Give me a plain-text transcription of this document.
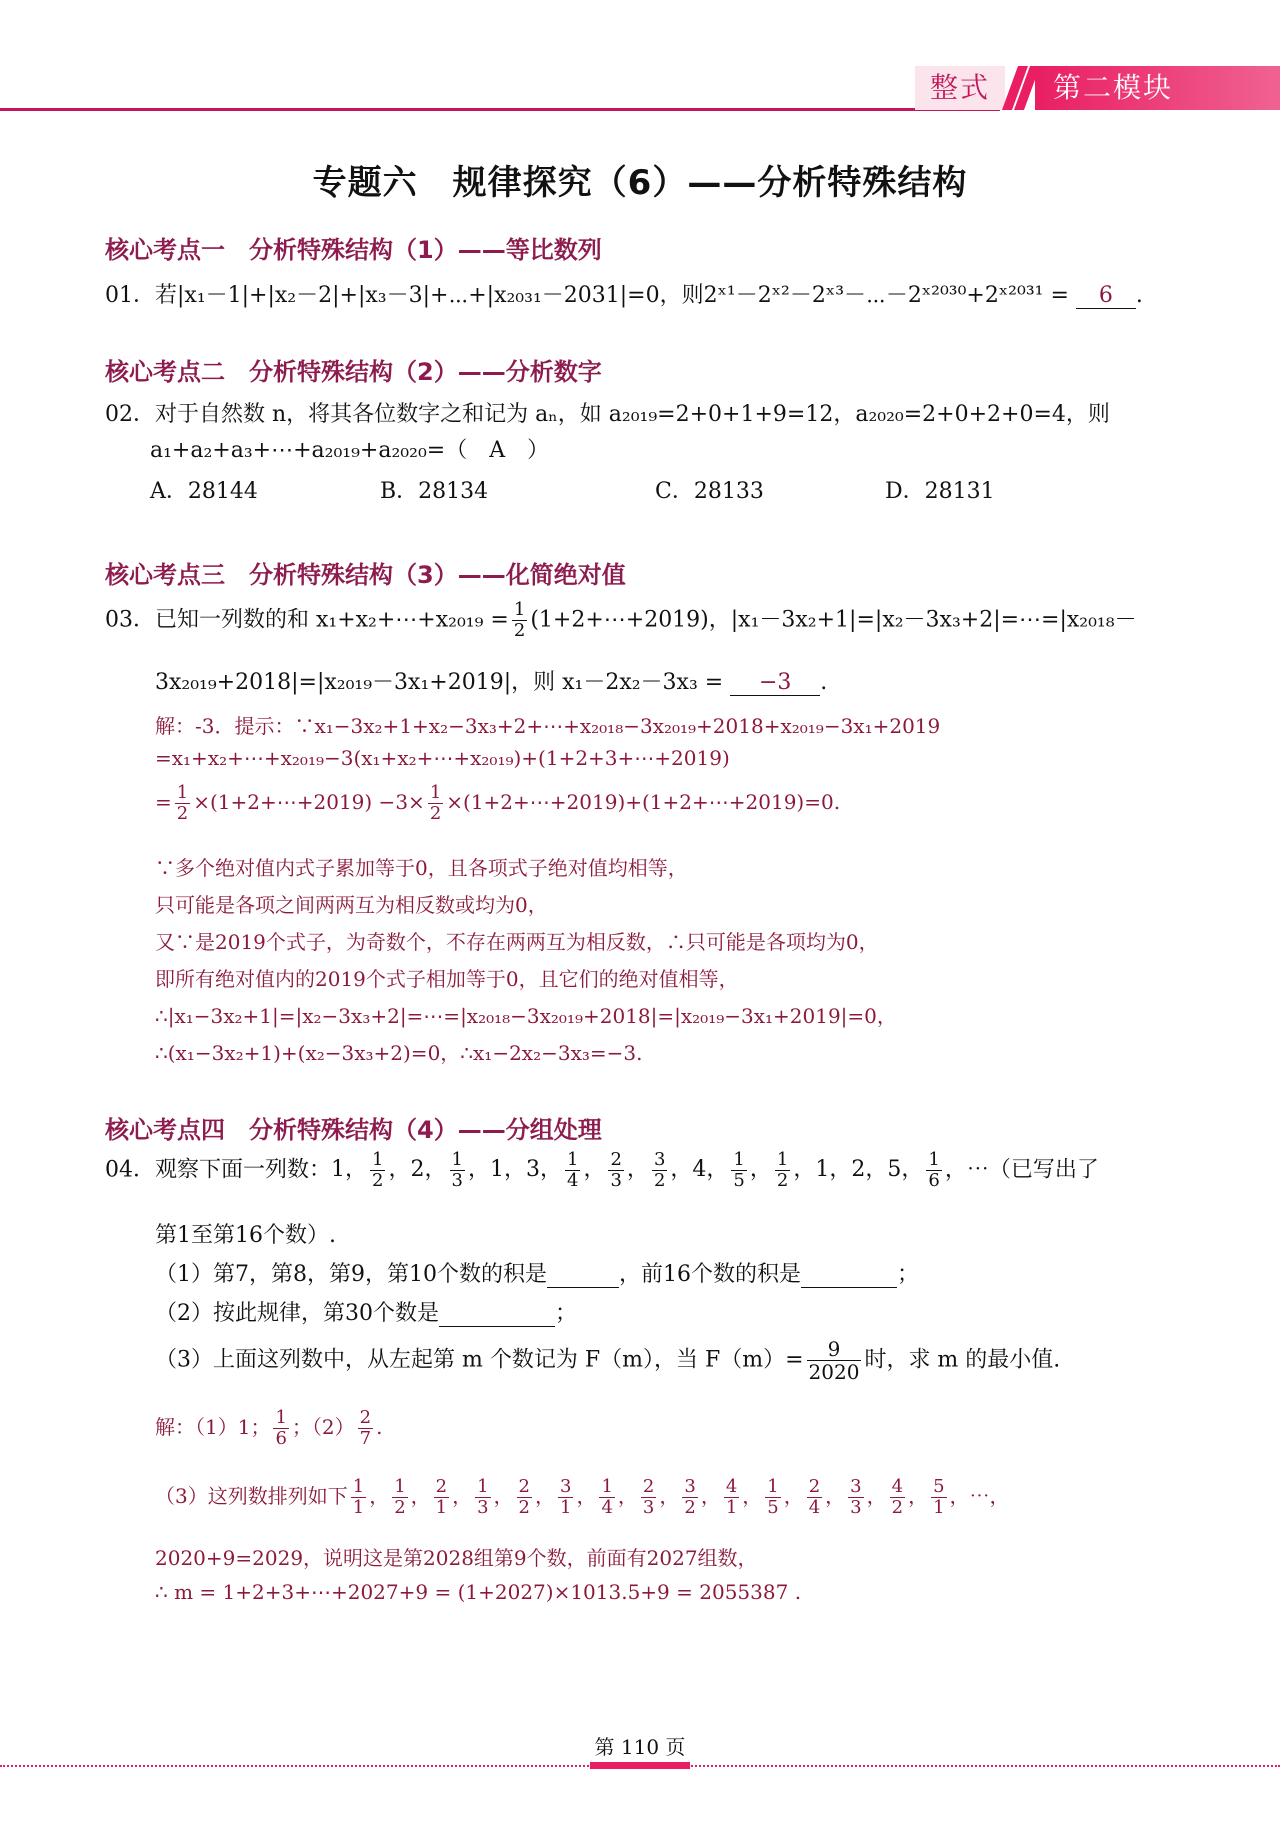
整式	第二模块
专题六　规律探究（6）——分析特殊结构
核心考点一　分析特殊结构（1）——等比数列
01．若|x₁－1|+|x₂－2|+|x₃－3|+⋯+|x₂₀₃₁－2031|=0，则2ˣ¹－2ˣ²－2ˣ³－⋯－2ˣ²⁰³⁰+2ˣ²⁰³¹ = 6 .
核心考点二　分析特殊结构（2）——分析数字
02．对于自然数 n，将其各位数字之和记为 aₙ，如 a₂₀₁₉=2+0+1+9=12，a₂₀₂₀=2+0+2+0=4，则
a₁+a₂+a₃+⋯+a₂₀₁₉+a₂₀₂₀=（　A　）
A．28144	B．28134	C．28133	D．28131
核心考点三　分析特殊结构（3）——化简绝对值
03．已知一列数的和 x₁+x₂+⋯+x₂₀₁₉ = $\frac{1}{2}$ (1+2+⋯+2019)，|x₁－3x₂+1|=|x₂－3x₃+2|=⋯=|x₂₀₁₈－
3x₂₀₁₉+2018|=|x₂₀₁₉－3x₁+2019|，则 x₁－2x₂－3x₃ = −3 .
解：-3．提示：∵x₁−3x₂+1+x₂−3x₃+2+⋯+x₂₀₁₈−3x₂₀₁₉+2018+x₂₀₁₉−3x₁+2019
=x₁+x₂+⋯+x₂₀₁₉−3(x₁+x₂+⋯+x₂₀₁₉)+(1+2+3+⋯+2019)
= $\frac{1}{2}$ ×(1+2+⋯+2019) $-3\times \frac{1}{2}$ ×(1+2+⋯+2019)+(1+2+⋯+2019)=0.
∵多个绝对值内式子累加等于0，且各项式子绝对值均相等，
只可能是各项之间两两互为相反数或均为0，
又∵是2019个式子，为奇数个，不存在两两互为相反数，∴只可能是各项均为0，
即所有绝对值内的2019个式子相加等于0，且它们的绝对值相等，
∴|x₁−3x₂+1|=|x₂−3x₃+2|=⋯=|x₂₀₁₈−3x₂₀₁₉+2018|=|x₂₀₁₉−3x₁+2019|=0，
∴(x₁−3x₂+1)+(x₂−3x₃+2)=0，∴x₁−2x₂−3x₃=−3.
核心考点四　分析特殊结构（4）——分组处理
04．观察下面一列数：1， $\frac{1}{2}$ ，2， $\frac{1}{3}$ ，1，3， $\frac{1}{4}$ ， $\frac{2}{3}$ ， $\frac{3}{2}$ ，4， $\frac{1}{5}$ ， $\frac{1}{2}$ ，1，2，5， $\frac{1}{6}$ ，⋯（已写出了
第1至第16个数）.
（1）第7，第8，第9，第10个数的积是	，前16个数的积是	；
（2）按此规律，第30个数是	；
（3）上面这列数中，从左起第 m 个数记为 F（m），当 $F(m)= \frac{9}{2020}$ 时，求 m 的最小值.
解：（1）1； $\frac{1}{6}$ ；$(2) \frac{2}{7}$ .
（3）这列数排列如下 $\frac{1}{1}$ ， $\frac{1}{2}$ ， $\frac{2}{1}$ ， $\frac{1}{3}$ ， $\frac{2}{2}$ ， $\frac{3}{1}$ ， $\frac{1}{4}$ ， $\frac{2}{3}$ ， $\frac{3}{2}$ ， $\frac{4}{1}$ ， $\frac{1}{5}$ ， $\frac{2}{4}$ ， $\frac{3}{3}$ ， $\frac{4}{2}$ ， $\frac{5}{1}$ ，⋯，
2020+9=2029，说明这是第2028组第9个数，前面有2027组数，
∴ m = 1+2+3+⋯+2027+9 = (1+2027)×1013.5+9 = 2055387 .
第 110 页
